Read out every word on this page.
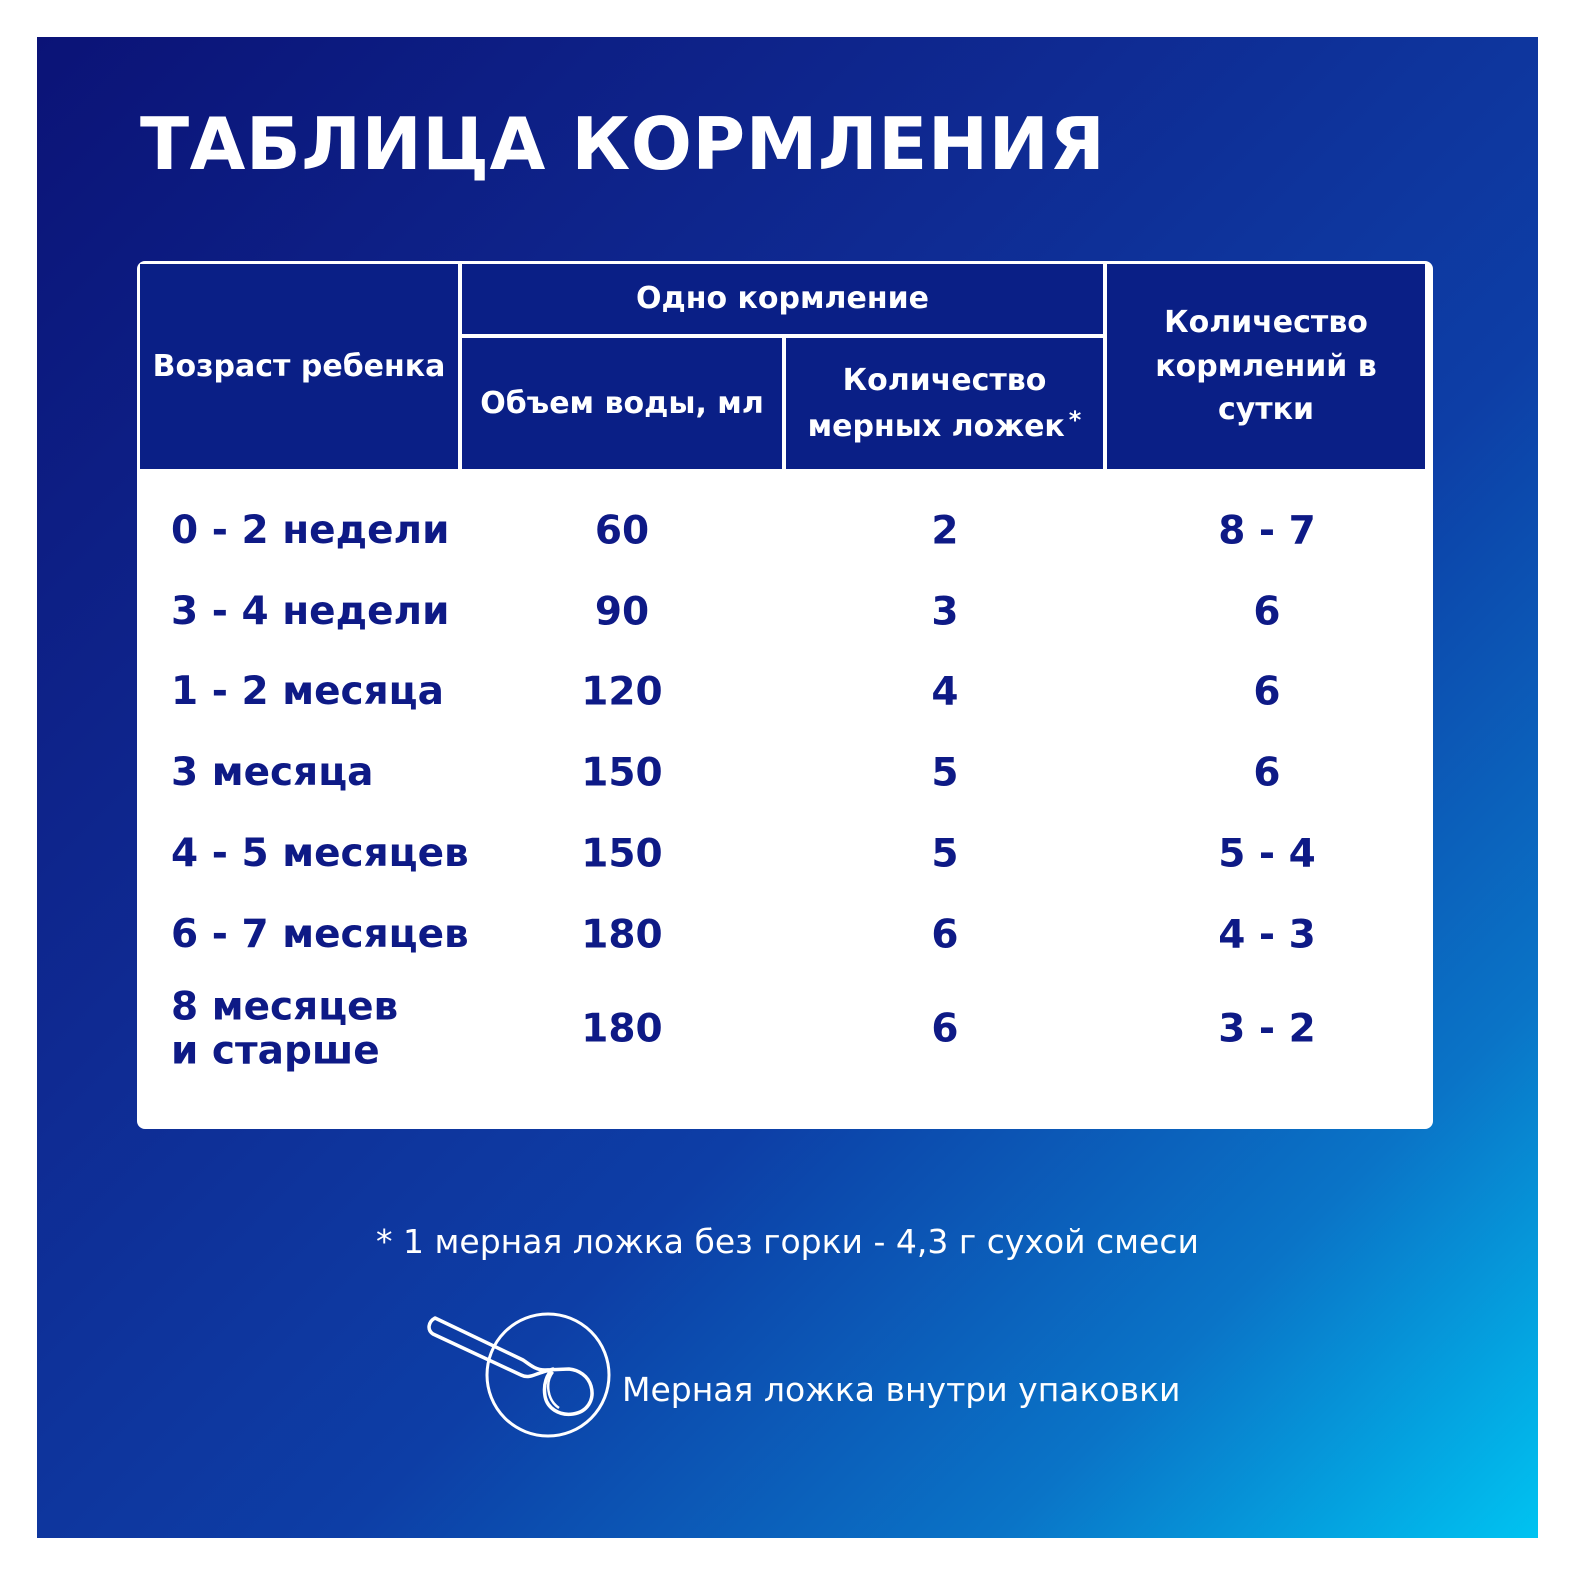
ТАБЛИЦА КОРМЛЕНИЯ
Возраст ребенка
Одно кормление
Объем воды, мл
Количество
мерных ложек *
Количество
кормлений в сутки
0 - 2 недели	60	2	8 - 7
3 - 4 недели	90	3	6
1 - 2 месяца	120	4	6
3 месяца	150	5	6
4 - 5 месяцев	150	5	5 - 4
6 - 7 месяцев	180	6	4 - 3
8 месяцев
и старше	180	6	3 - 2

* 1 мерная ложка без горки - 4,3 г сухой смеси

Мерная ложка внутри упаковки
